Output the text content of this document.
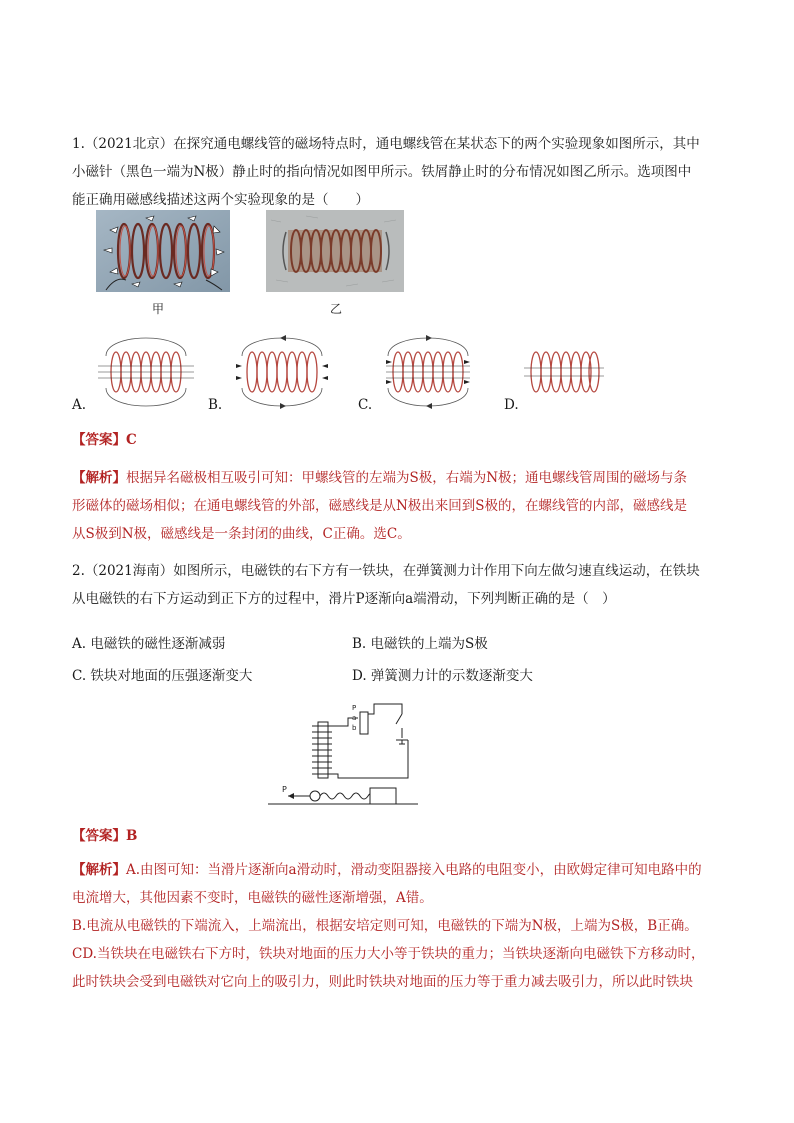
1.（2021北京）在探究通电螺线管的磁场特点时，通电螺线管在某状态下的两个实验现象如图所示，其中
小磁针（黑色一端为N极）静止时的指向情况如图甲所示。铁屑静止时的分布情况如图乙所示。选项图中
能正确用磁感线描述这两个实验现象的是（　　）
甲	乙
A.	B.	C.	D.
【答案】C
【解析】根据异名磁极相互吸引可知：甲螺线管的左端为S极，右端为N极；通电螺线管周围的磁场与条
形磁体的磁场相似；在通电螺线管的外部，磁感线是从N极出来回到S极的，在螺线管的内部，磁感线是
从S极到N极，磁感线是一条封闭的曲线，C正确。选C。
2.（2021海南）如图所示，电磁铁的右下方有一铁块，在弹簧测力计作用下向左做匀速直线运动，在铁块
从电磁铁的右下方运动到正下方的过程中，滑片P逐渐向a端滑动，下列判断正确的是（　）
A. 电磁铁的磁性逐渐减弱	B. 电磁铁的上端为S极
C. 铁块对地面的压强逐渐变大	D. 弹簧测力计的示数逐渐变大
P
P
a
b
【答案】B
【解析】A.由图可知：当滑片逐渐向a滑动时，滑动变阻器接入电路的电阻变小，由欧姆定律可知电路中的
电流增大，其他因素不变时，电磁铁的磁性逐渐增强，A错。
B.电流从电磁铁的下端流入，上端流出，根据安培定则可知，电磁铁的下端为N极，上端为S极，B正确。
CD.当铁块在电磁铁右下方时，铁块对地面的压力大小等于铁块的重力；当铁块逐渐向电磁铁下方移动时，
此时铁块会受到电磁铁对它向上的吸引力，则此时铁块对地面的压力等于重力减去吸引力，所以此时铁块
